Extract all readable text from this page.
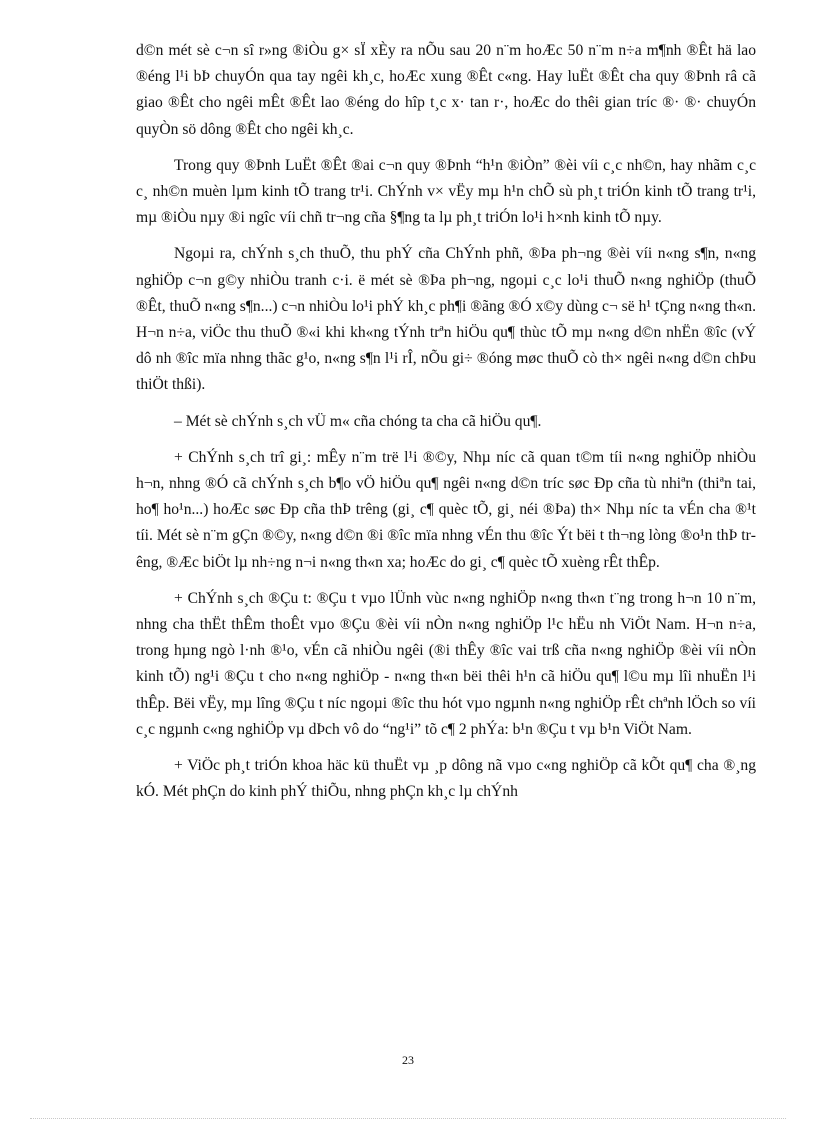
d©n mét sè c¬n sî r»ng ®iÒu g× sÏ xÈy ra nÕu sau 20 n¨m hoÆc 50 n¨m n÷a m¶nh ®Êt hä lao ®éng l¹i bÞ chuyÓn qua tay ngêi kh¸c, hoÆc xung ®Êt c«ng. Hay luËt ®Êt cha quy ®Þnh râ cã giao ®Êt cho ngêi mÊt ®Êt lao ®éng do hîp t¸c x· tan r·, hoÆc do thêi gian tríc ®· ®· chuyÓn quyÒn sö dông ®Êt cho ngêi kh¸c.

Trong quy ®Þnh LuËt ®Êt ®ai c¬n quy ®Þnh “h¹n ®iÒn” ®èi víi c¸c nh©n, hay nhãm c¸c c¸ nh©n muèn lµm kinh tÕ trang tr¹i. ChÝnh v× vËy mµ h¹n chÕ sù ph¸t triÓn kinh tÕ trang tr¹i, mµ ®iÒu nµy ®i ngîc víi chñ tr¬ng cña §¶ng ta lµ ph¸t triÓn lo¹i h×nh kinh tÕ nµy.

Ngoµi ra, chÝnh s¸ch thuÕ, thu phÝ cña ChÝnh phñ, ®Þa ph¬ng ®èi víi n«ng s¶n, n«ng nghiÖp c¬n g©y nhiÒu tranh c·i. ë mét sè ®Þa ph¬ng, ngoµi c¸c lo¹i thuÕ n«ng nghiÖp (thuÕ ®Êt, thuÕ n«ng s¶n...) c¬n nhiÒu lo¹i phÝ kh¸c ph¶i ®ãng ®Ó x©y dùng c¬ së h¹ tÇng n«ng th«n. H¬n n÷a, viÖc thu thuÕ ®«i khi kh«ng tÝnh trªn hiÖu qu¶ thùc tÕ mµ n«ng d©n nhËn ®îc (vÝ dô nh ®îc mïa nhng thãc g¹o, n«ng s¶n l¹i rÎ, nÕu gi÷ ®óng møc thuÕ cò th× ngêi n«ng d©n chÞu thiÖt thßi).

– Mét sè chÝnh s¸ch vÜ m« cña chóng ta cha cã hiÖu qu¶.

+ ChÝnh s¸ch trî gi¸: mÊy n¨m trë l¹i ®©y, Nhµ níc cã quan t©m tíi n«ng nghiÖp nhiÒu h¬n, nhng ®Ó cã chÝnh s¸ch b¶o vÖ hiÖu qu¶ ngêi n«ng d©n tríc søc Ðp cña tù nhiªn (thiªn tai, ho¶ ho¹n...) hoÆc søc Ðp cña thÞ trêng (gi¸ c¶ quèc tÕ, gi¸ néi ®Þa) th× Nhµ níc ta vÉn cha ®¹t tíi. Mét sè n¨m gÇn ®©y, n«ng d©n ®i ®îc mïa nhng vÉn thu ®îc Ýt bëi t th¬ng lòng ®o¹n thÞ trêng, ®Æc biÖt lµ nh÷ng n¬i n«ng th«n xa; hoÆc do gi¸ c¶ quèc tÕ xuèng rÊt thÊp.

+ ChÝnh s¸ch ®Çu t: ®Çu t vµo lÜnh vùc n«ng nghiÖp n«ng th«n t¨ng trong h¬n 10 n¨m, nhng cha thËt thÊm thoÊt vµo ®Çu ®èi víi nÒn n«ng nghiÖp l¹c hËu nh ViÖt Nam. H¬n n÷a, trong hµng ngò l·nh ®¹o, vÉn cã nhiÒu ngêi (®i thÊy ®îc vai trß cña n«ng nghiÖp ®èi víi nÒn kinh tÕ) ng¹i ®Çu t cho n«ng nghiÖp - n«ng th«n bëi thêi h¹n cã hiÖu qu¶ l©u mµ lîi nhuËn l¹i thÊp. Bëi vËy, mµ lîng ®Çu t níc ngoµi ®îc thu hót vµo ngµnh n«ng nghiÖp rÊt chªnh lÖch so víi c¸c ngµnh c«ng nghiÖp vµ dÞch vô do “ng¹i” tõ c¶ 2 phÝa: b¹n ®Çu t vµ b¹n ViÖt Nam.

+ ViÖc ph¸t triÓn khoa häc kü thuËt vµ ¸p dông nã vµo c«ng nghiÖp cã kÕt qu¶ cha ®¸ng kÓ. Mét phÇn do kinh phÝ thiÕu, nhng phÇn kh¸c lµ chÝnh

23
